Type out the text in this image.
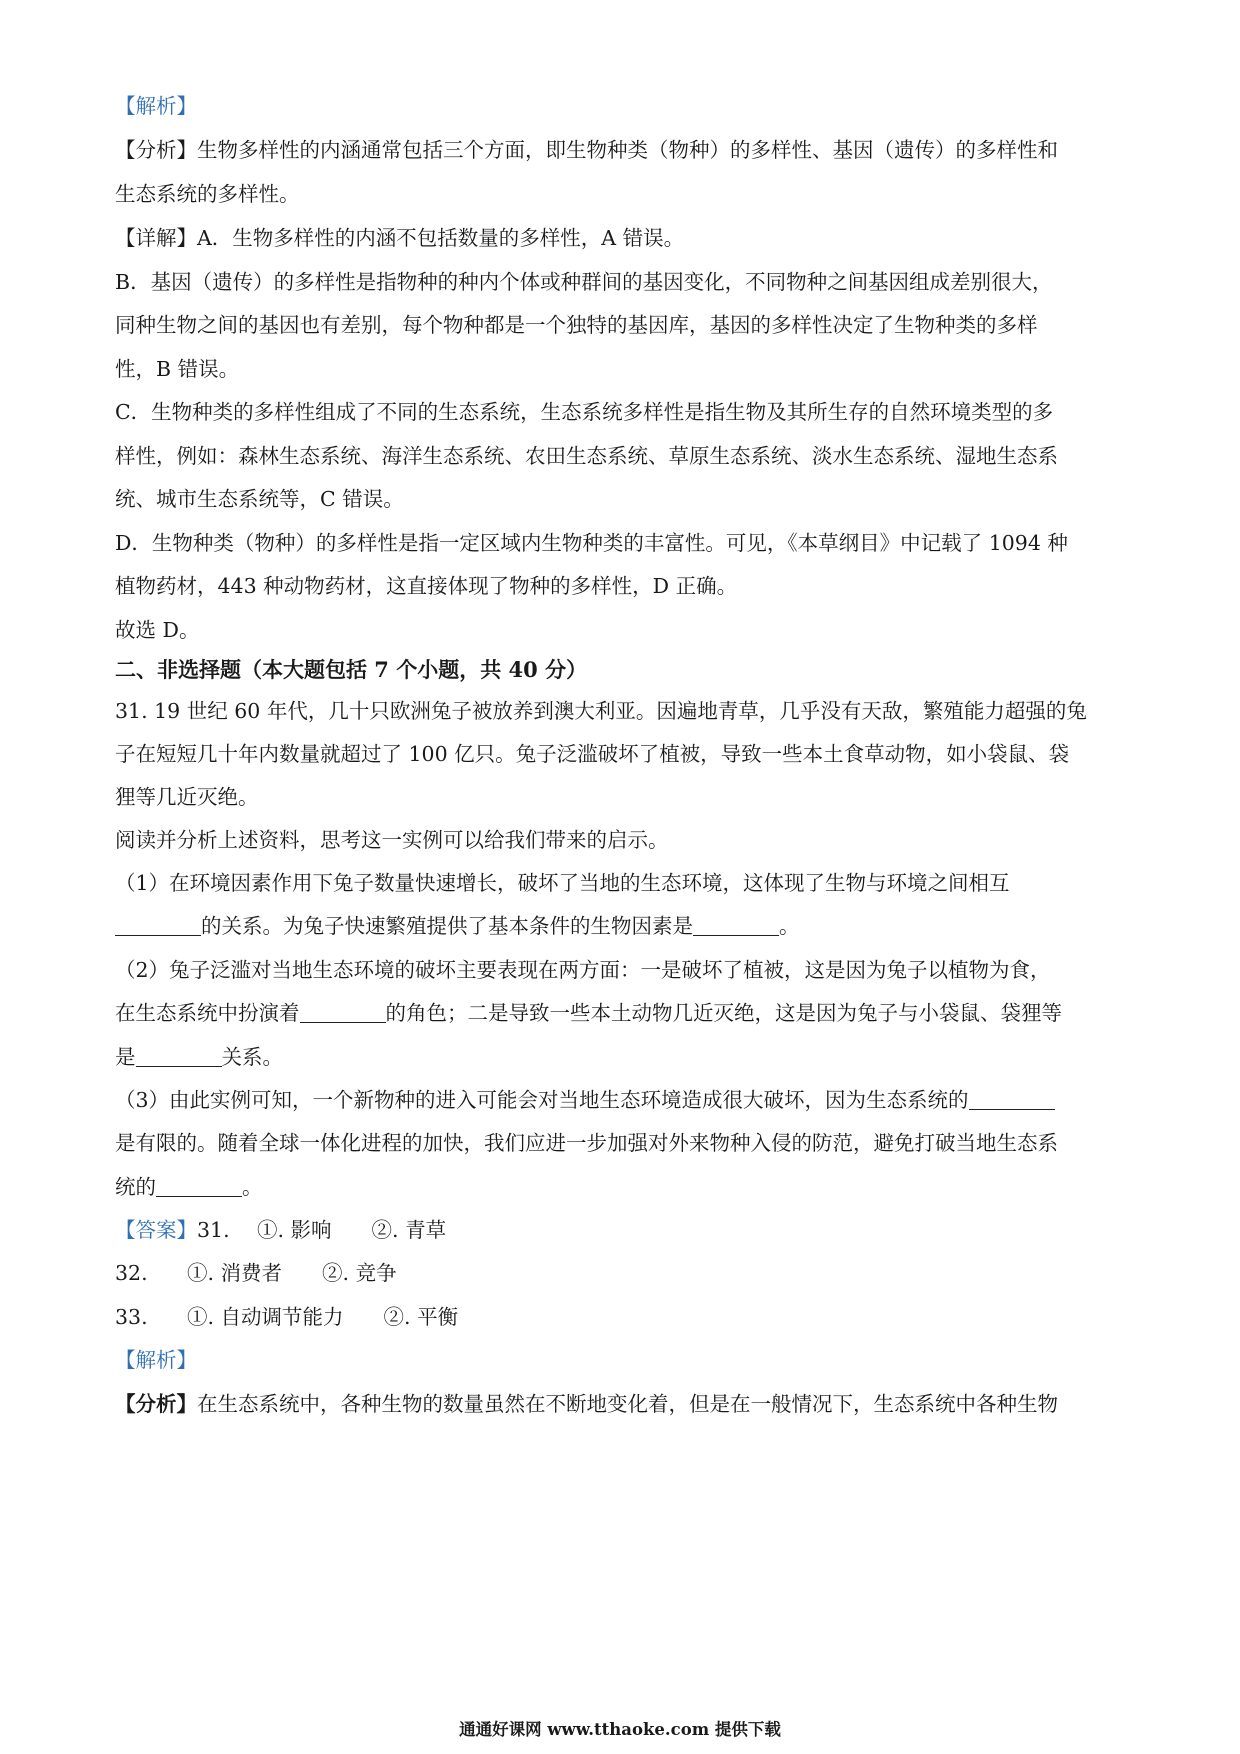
【解析】
【分析】生物多样性的内涵通常包括三个方面，即生物种类（物种）的多样性、基因（遗传）的多样性和
生态系统的多样性。
【详解】A．生物多样性的内涵不包括数量的多样性，A 错误。
B．基因（遗传）的多样性是指物种的种内个体或种群间的基因变化，不同物种之间基因组成差别很大，
同种生物之间的基因也有差别，每个物种都是一个独特的基因库，基因的多样性决定了生物种类的多样
性，B 错误。
C．生物种类的多样性组成了不同的生态系统，生态系统多样性是指生物及其所生存的自然环境类型的多
样性，例如：森林生态系统、海洋生态系统、农田生态系统、草原生态系统、淡水生态系统、湿地生态系
统、城市生态系统等，C 错误。
D．生物种类（物种）的多样性是指一定区域内生物种类的丰富性。可见，《本草纲目》中记载了 1094 种
植物药材，443 种动物药材，这直接体现了物种的多样性，D 正确。
故选 D。
二、非选择题（本大题包括 7 个小题，共 40 分）
31. 19 世纪 60 年代，几十只欧洲兔子被放养到澳大利亚。因遍地青草，几乎没有天敌，繁殖能力超强的兔
子在短短几十年内数量就超过了 100 亿只。兔子泛滥破坏了植被，导致一些本土食草动物，如小袋鼠、袋
狸等几近灭绝。
阅读并分析上述资料，思考这一实例可以给我们带来的启示。
（1）在环境因素作用下兔子数量快速增长，破坏了当地的生态环境，这体现了生物与环境之间相互
的关系。为兔子快速繁殖提供了基本条件的生物因素是	。
（2）兔子泛滥对当地生态环境的破坏主要表现在两方面：一是破坏了植被，这是因为兔子以植物为食，
在生态系统中扮演着	的角色；二是导致一些本土动物几近灭绝，这是因为兔子与小袋鼠、袋狸等
是	关系。
（3）由此实例可知，一个新物种的进入可能会对当地生态环境造成很大破坏，因为生态系统的
是有限的。随着全球一体化进程的加快，我们应进一步加强对外来物种入侵的防范，避免打破当地生态系
统的	。
【答案】31. ①. 影响 ②. 青草
32. ①. 消费者 ②. 竞争
33. ①. 自动调节能力 ②. 平衡
【解析】
【分析】在生态系统中，各种生物的数量虽然在不断地变化着，但是在一般情况下，生态系统中各种生物
通通好课网 www.tthaoke.com 提供下载
